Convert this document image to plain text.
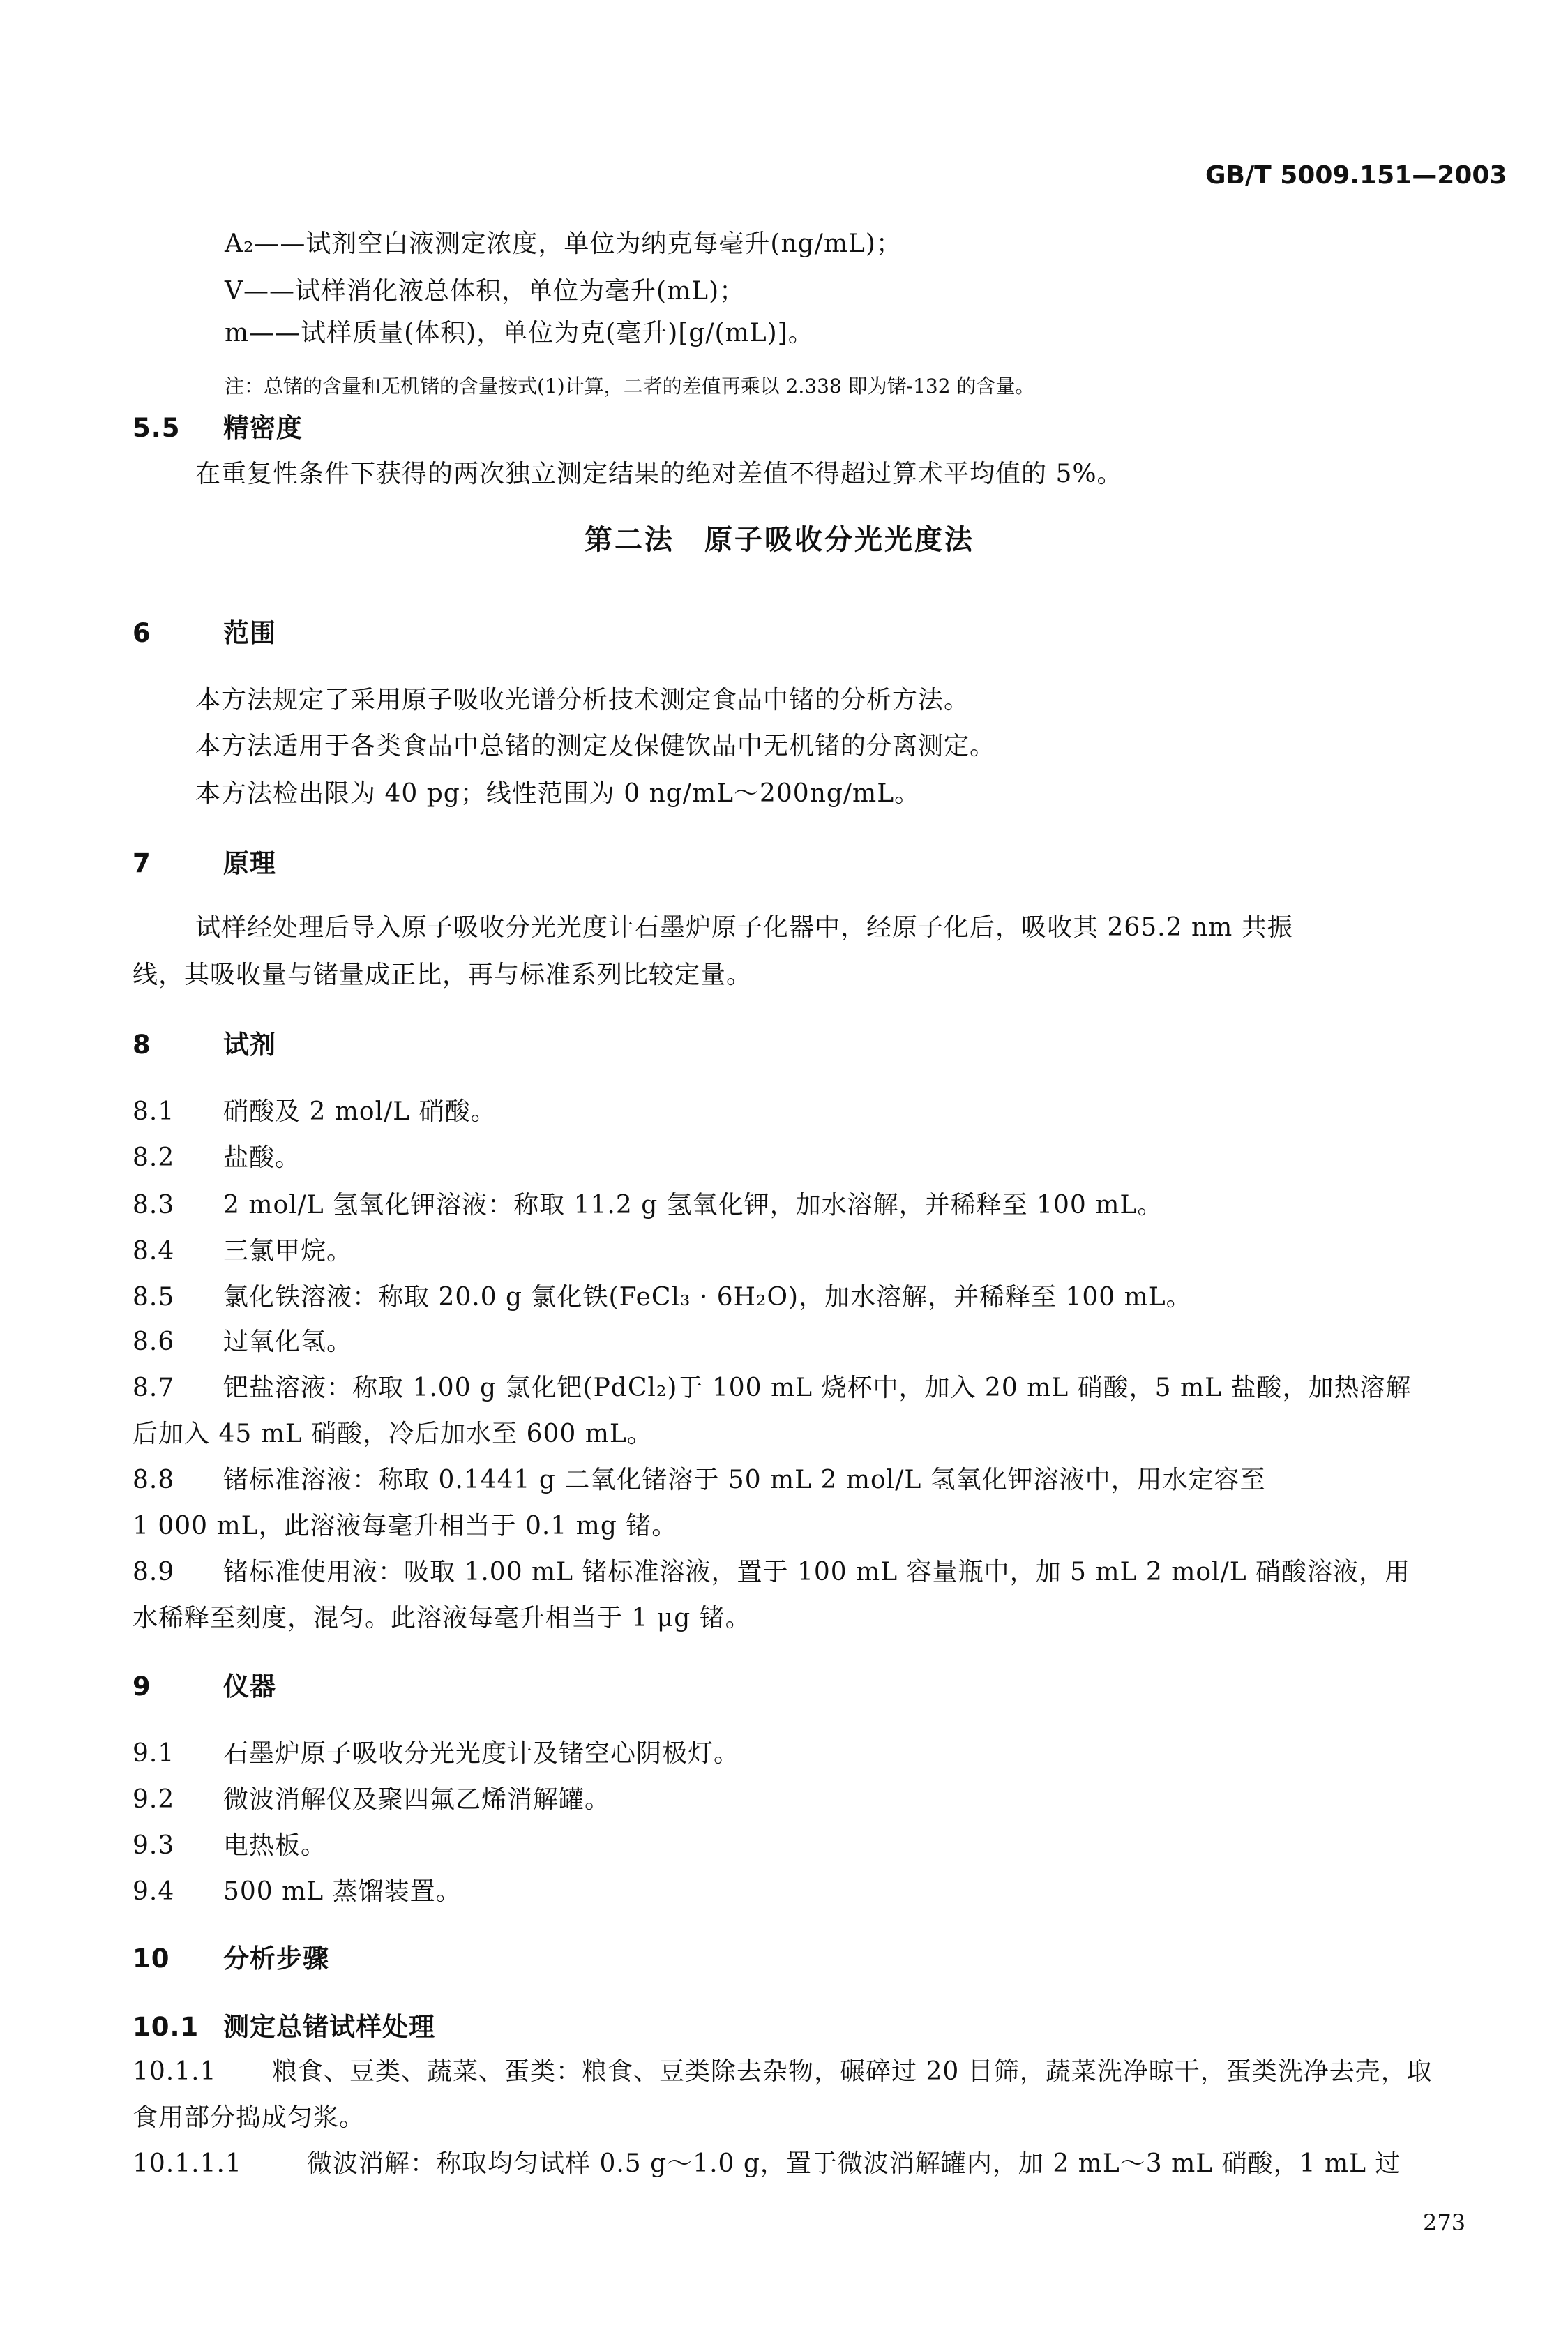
GB/T 5009.151—2003
A₂——试剂空白液测定浓度，单位为纳克每毫升(ng/mL)；
V——试样消化液总体积，单位为毫升(mL)；
m——试样质量(体积)，单位为克(毫升)[g/(mL)]。
注：总锗的含量和无机锗的含量按式(1)计算，二者的差值再乘以 2.338 即为锗-132 的含量。
5.5 精密度
在重复性条件下获得的两次独立测定结果的绝对差值不得超过算术平均值的 5%。
第二法　原子吸收分光光度法
6	范围
本方法规定了采用原子吸收光谱分析技术测定食品中锗的分析方法。
本方法适用于各类食品中总锗的测定及保健饮品中无机锗的分离测定。
本方法检出限为 40 pg；线性范围为 0 ng/mL～200ng/mL。
7	原理
试样经处理后导入原子吸收分光光度计石墨炉原子化器中，经原子化后，吸收其 265.2 nm 共振
线，其吸收量与锗量成正比，再与标准系列比较定量。
8	试剂
8.1 硝酸及 2 mol/L 硝酸。
8.2 盐酸。
8.3 2 mol/L 氢氧化钾溶液：称取 11.2 g 氢氧化钾，加水溶解，并稀释至 100 mL。
8.4 三氯甲烷。
8.5 氯化铁溶液：称取 20.0 g 氯化铁(FeCl₃ · 6H₂O)，加水溶解，并稀释至 100 mL。
8.6 过氧化氢。
8.7 钯盐溶液：称取 1.00 g 氯化钯(PdCl₂)于 100 mL 烧杯中，加入 20 mL 硝酸，5 mL 盐酸，加热溶解
后加入 45 mL 硝酸，冷后加水至 600 mL。
8.8 锗标准溶液：称取 0.1441 g 二氧化锗溶于 50 mL 2 mol/L 氢氧化钾溶液中，用水定容至
1 000 mL，此溶液每毫升相当于 0.1 mg 锗。
8.9 锗标准使用液：吸取 1.00 mL 锗标准溶液，置于 100 mL 容量瓶中，加 5 mL 2 mol/L 硝酸溶液，用
水稀释至刻度，混匀。此溶液每毫升相当于 1 μg 锗。
9	仪器
9.1 石墨炉原子吸收分光光度计及锗空心阴极灯。
9.2 微波消解仪及聚四氟乙烯消解罐。
9.3 电热板。
9.4 500 mL 蒸馏装置。
10 分析步骤
10.1 测定总锗试样处理
10.1.1 粮食、豆类、蔬菜、蛋类：粮食、豆类除去杂物，碾碎过 20 目筛，蔬菜洗净晾干，蛋类洗净去壳，取
食用部分捣成匀浆。
10.1.1.1	微波消解：称取均匀试样 0.5 g～1.0 g，置于微波消解罐内，加 2 mL～3 mL 硝酸，1 mL 过
273
